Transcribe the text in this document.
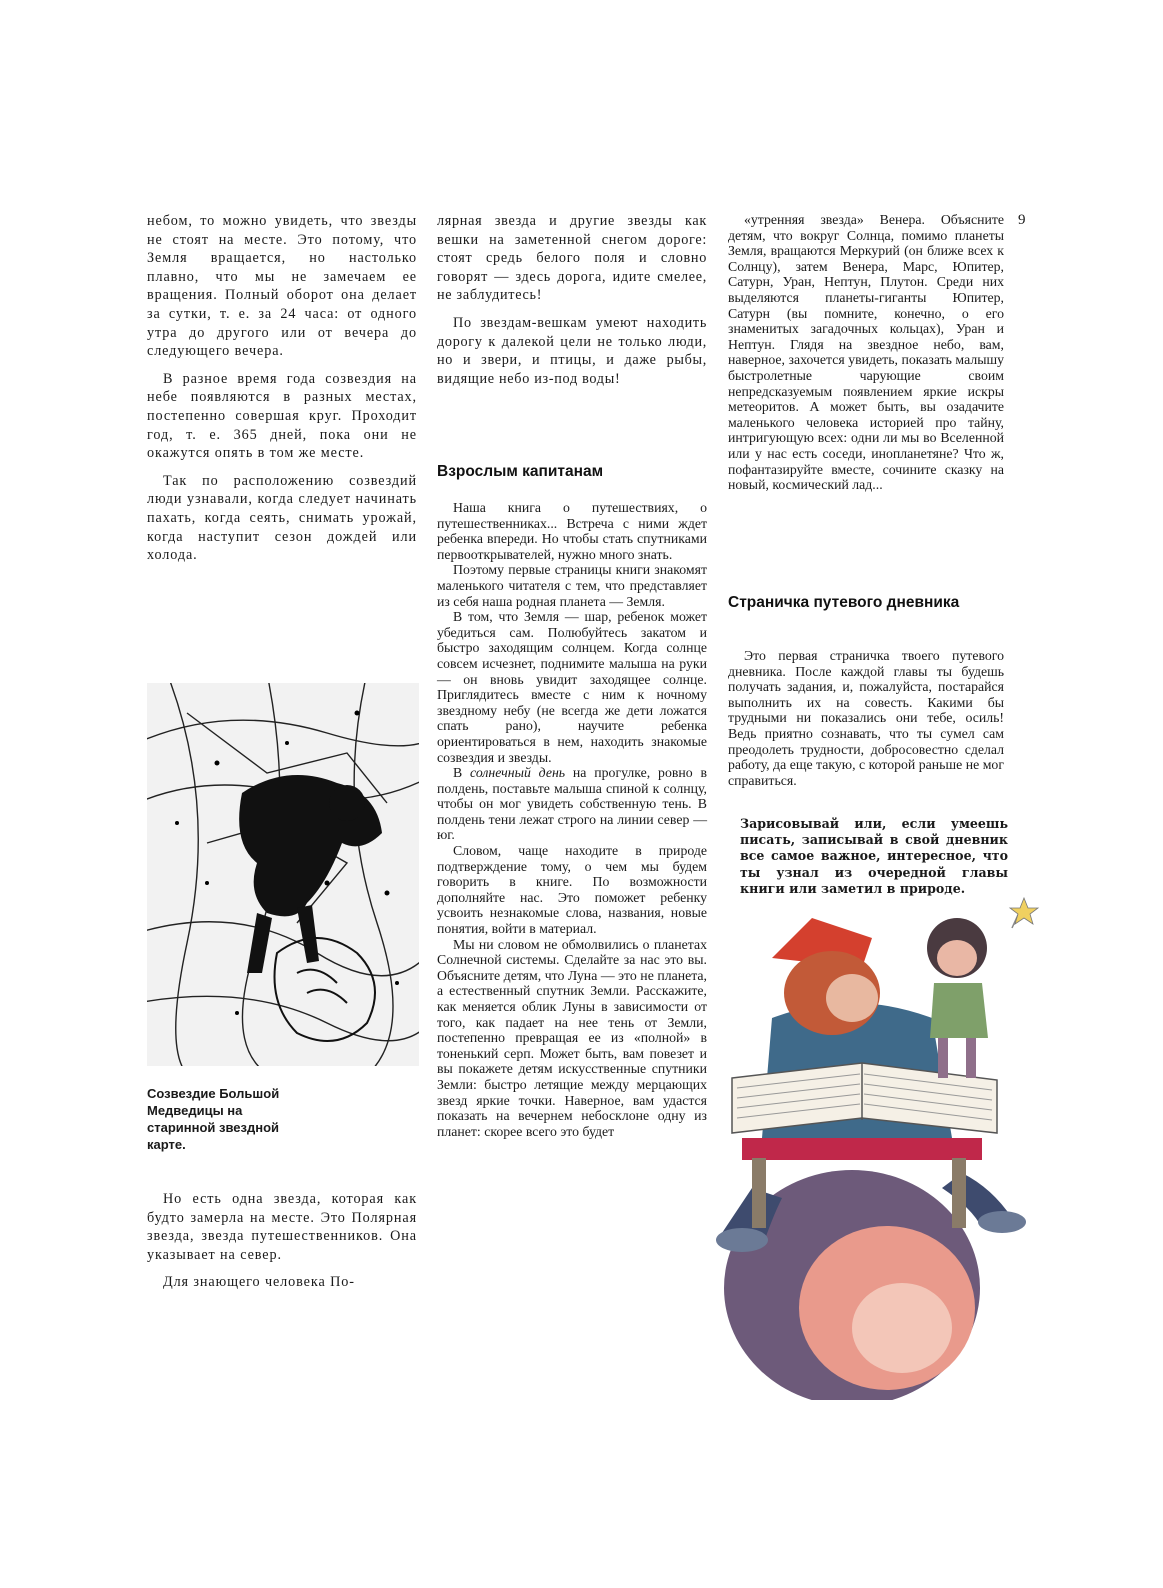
9

небом, то можно увидеть, что звезды не стоят на месте. Это потому, что Земля вращается, но настолько плавно, что мы не замечаем ее вращения. Полный оборот она делает за сутки, т. е. за 24 часа: от одного утра до другого или от вечера до следующего вечера.

В разное время года созвездия на небе появляются в разных местах, постепенно совершая круг. Проходит год, т. е. 365 дней, пока они не окажутся опять в том же месте.

Так по расположению созвездий люди узнавали, когда следует начинать пахать, когда сеять, снимать урожай, когда наступит сезон дождей или холода.

Созвездие Большой Медведицы на старинной звездной карте.

Но есть одна звезда, которая как будто замерла на месте. Это Полярная звезда, звезда путешественников. Она указывает на север.

Для знающего человека По-

лярная звезда и другие звезды как вешки на заметенной снегом дороге: стоят средь белого поля и словно говорят — здесь дорога, идите смелее, не заблудитесь!

По звездам-вешкам умеют находить дорогу к далекой цели не только люди, но и звери, и птицы, и даже рыбы, видящие небо из-под воды!

Взрослым капитанам

Наша книга о путешествиях, о путешественниках... Встреча с ними ждет ребенка впереди. Но чтобы стать спутниками первооткрывателей, нужно много знать.

Поэтому первые страницы книги знакомят маленького читателя с тем, что представляет из себя наша родная планета — Земля.

В том, что Земля — шар, ребенок может убедиться сам. Полюбуйтесь закатом и быстро заходящим солнцем. Когда солнце совсем исчезнет, поднимите малыша на руки — он вновь увидит заходящее солнце. Приглядитесь вместе с ним к ночному звездному небу (не всегда же дети ложатся спать рано), научите ребенка ориентироваться в нем, находить знакомые созвездия и звезды.

В солнечный день на прогулке, ровно в полдень, поставьте малыша спиной к солнцу, чтобы он мог увидеть собственную тень. В полдень тени лежат строго на линии север — юг.

Словом, чаще находите в природе подтверждение тому, о чем мы будем говорить в книге. По возможности дополняйте нас. Это поможет ребенку усвоить незнакомые слова, названия, новые понятия, войти в материал.

Мы ни словом не обмолвились о планетах Солнечной системы. Сделайте за нас это вы. Объясните детям, что Луна — это не планета, а естественный спутник Земли. Расскажите, как меняется облик Луны в зависимости от того, как падает на нее тень от Земли, постепенно превращая ее из «полной» в тоненький серп. Может быть, вам повезет и вы покажете детям искусственные спутники Земли: быстро летящие между мерцающих звезд яркие точки. Наверное, вам удастся показать на вечернем небосклоне одну из планет: скорее всего это будет

«утренняя звезда» Венера. Объясните детям, что вокруг Солнца, помимо планеты Земля, вращаются Меркурий (он ближе всех к Солнцу), затем Венера, Марс, Юпитер, Сатурн, Уран, Нептун, Плутон. Среди них выделяются планеты-гиганты Юпитер, Сатурн (вы помните, конечно, о его знаменитых загадочных кольцах), Уран и Нептун. Глядя на звездное небо, вам, наверное, захочется увидеть, показать малышу быстролетные чарующие своим непредсказуемым появлением яркие искры метеоритов. А может быть, вы озадачите маленького человека историей про тайну, интригующую всех: одни ли мы во Вселенной или у нас есть соседи, инопланетяне? Что ж, пофантазируйте вместе, сочините сказку на новый, космический лад...

Страничка путевого дневника

Это первая страничка твоего путевого дневника. После каждой главы ты будешь получать задания, и, пожалуйста, постарайся выполнить их на совесть. Какими бы трудными ни показались они тебе, осиль! Ведь приятно сознавать, что ты сумел сам преодолеть трудности, добросовестно сделал работу, да еще такую, с которой раньше не мог справиться.

Зарисовывай или, если умеешь писать, записывай в свой дневник все самое важное, интересное, что ты узнал из очередной главы книги или заметил в природе.
